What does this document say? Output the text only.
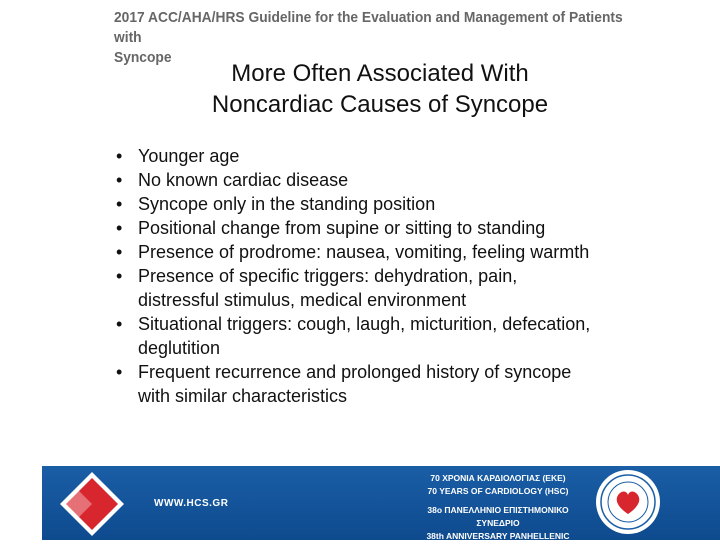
2017 ACC/AHA/HRS Guideline for the Evaluation and Management of Patients with
Syncope
More Often Associated With
Noncardiac Causes of Syncope
• Younger age
• No known cardiac disease
• Syncope only in the standing position
• Positional change from supine or sitting to standing
• Presence of prodrome: nausea, vomiting, feeling warmth
• Presence of specific triggers: dehydration, pain, distressful stimulus, medical environment
• Situational triggers: cough, laugh, micturition, defecation, deglutition
• Frequent recurrence and prolonged history of syncope with similar characteristics
WWW.HCS.GR
70 ΧΡΟΝΙΑ ΚΑΡΔΙΟΛΟΓΙΑΣ (ΕΚΕ)
70 YEARS OF CARDIOLOGY (HSC)
38ο ΠΑΝΕΛΛΗΝΙΟ ΕΠΙΣΤΗΜΟΝΙΚΟ ΣΥΝΕΔΡΙΟ
38th ANNIVERSARY PANHELLENIC CONGRESS
